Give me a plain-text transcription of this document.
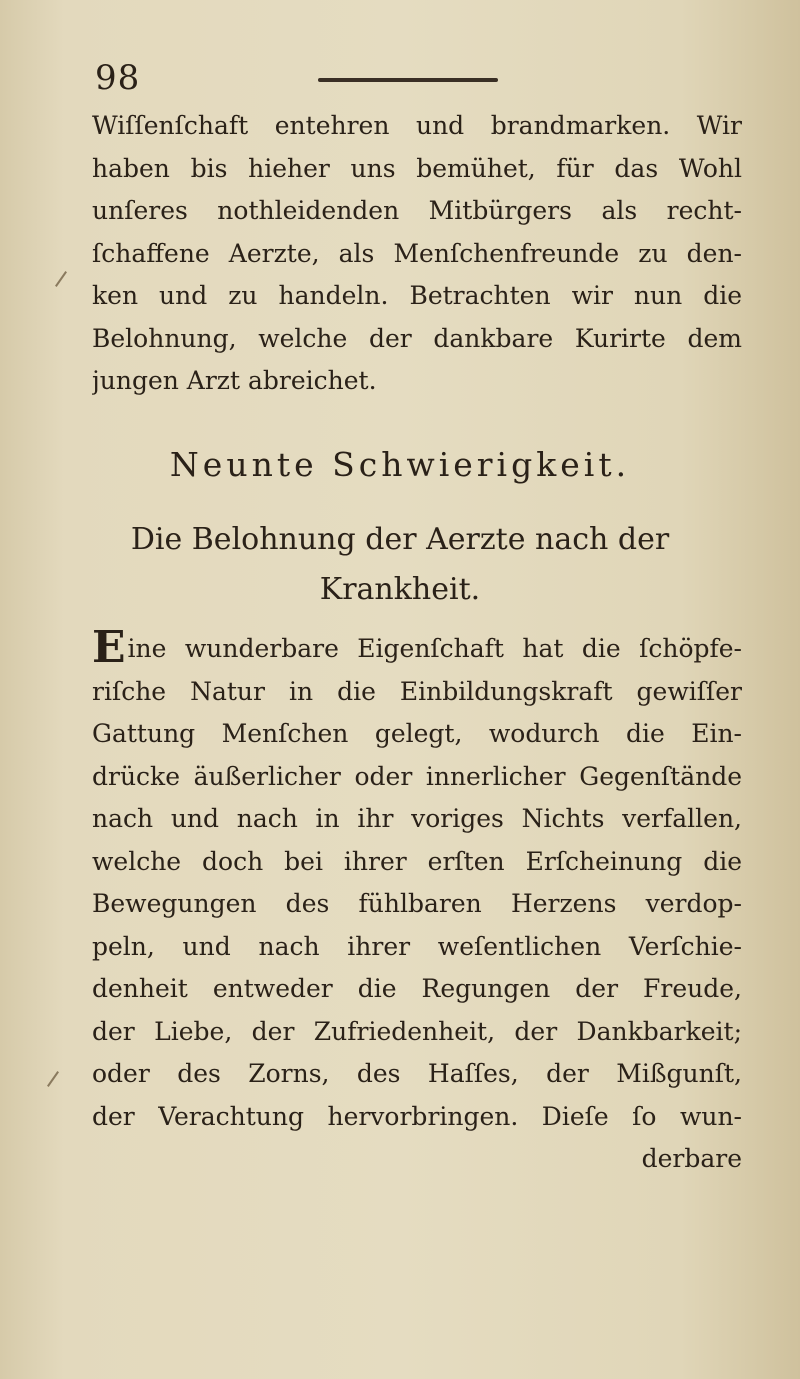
98
Wiſſenſchaft entehren und brandmarken. Wir
haben bis hieher uns bemühet, für das Wohl
unſeres nothleidenden Mitbürgers als recht-
ſchaffene Aerzte, als Menſchenfreunde zu den-
ken und zu handeln. Betrachten wir nun die
Belohnung, welche der dankbare Kurirte dem
jungen Arzt abreichet.
Neunte Schwierigkeit.
Die Belohnung der Aerzte nach der
Krankheit.
Eine wunderbare Eigenſchaft hat die ſchöpfe-
riſche Natur in die Einbildungskraft gewiſſer
Gattung Menſchen gelegt, wodurch die Ein-
drücke äußerlicher oder innerlicher Gegenſtände
nach und nach in ihr voriges Nichts verfallen,
welche doch bei ihrer erſten Erſcheinung die
Bewegungen des fühlbaren Herzens verdop-
peln, und nach ihrer weſentlichen Verſchie-
denheit entweder die Regungen der Freude,
der Liebe, der Zufriedenheit, der Dankbarkeit;
oder des Zorns, des Haſſes, der Mißgunſt,
der Verachtung hervorbringen. Dieſe ſo wun-
derbare
